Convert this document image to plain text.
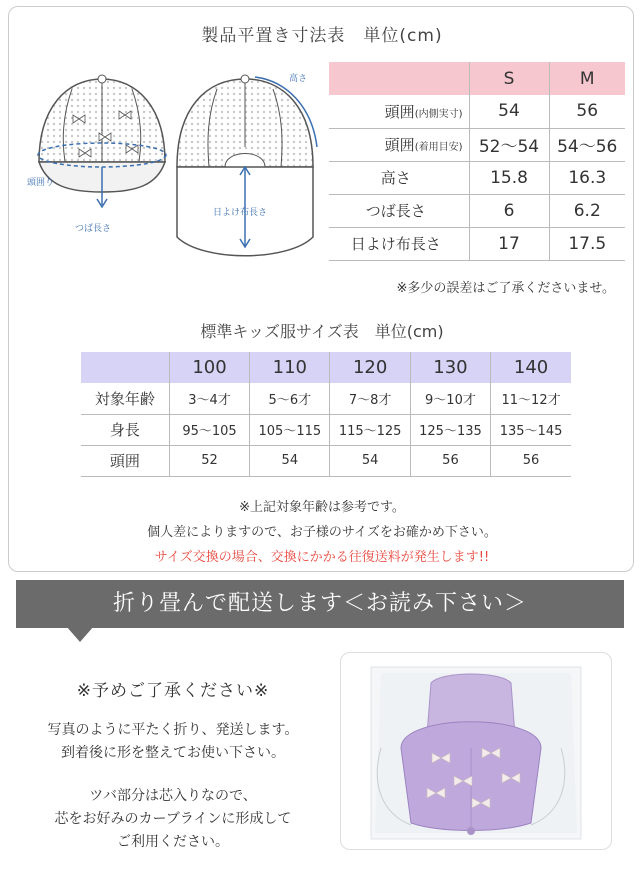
製品平置き寸法表　単位(cm)
頭囲り
つば長さ
高さ
日よけ布長さ
	S	M
頭囲(内側実寸)	54	56
頭囲(着用目安)	52〜54	54〜56
高さ	15.8	16.3
つば長さ	6	6.2
日よけ布長さ	17	17.5
※多少の誤差はご了承くださいませ。
標準キッズ服サイズ表　単位(cm)
	100	110	120	130	140
対象年齢	3〜4才	5〜6才	7〜8才	9〜10才	11〜12才
身長	95〜105	105〜115	115〜125	125〜135	135〜145
頭囲	52	54	54	56	56
※上記対象年齢は参考です。
個人差によりますので、お子様のサイズをお確かめ下さい。
サイズ交換の場合、交換にかかる往復送料が発生します!!
折り畳んで配送します＜お読み下さい＞
※予めご了承ください※

写真のように平たく折り、発送します。

到着後に形を整えてお使い下さい。

ツバ部分は芯入りなので、

芯をお好みのカーブラインに形成して

ご利用ください。
